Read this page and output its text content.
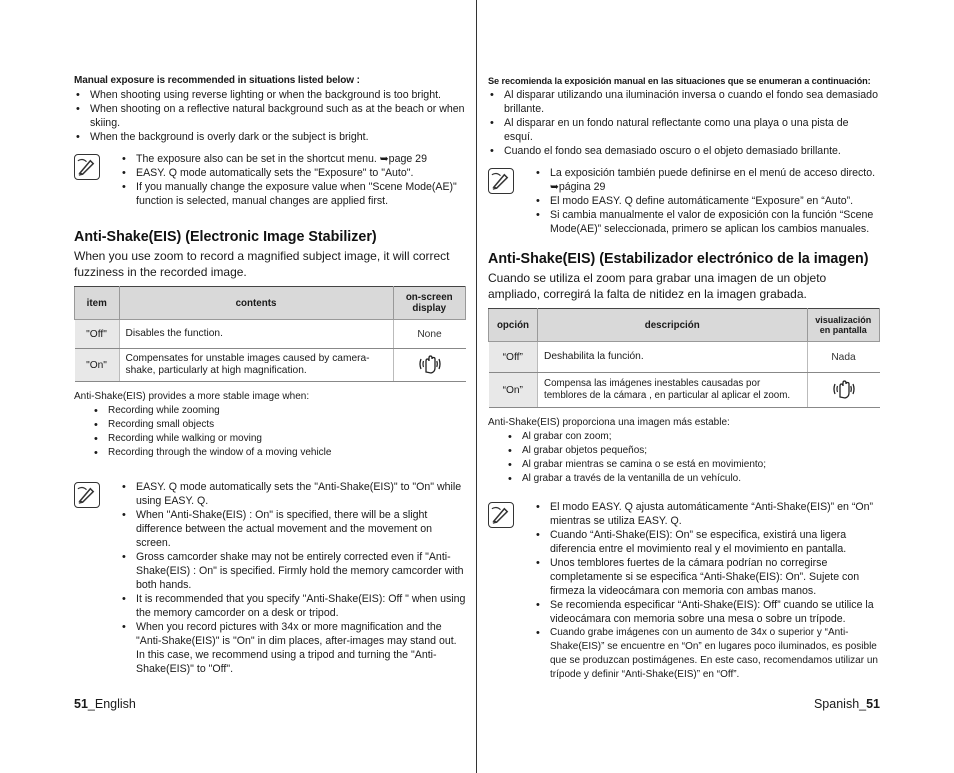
Manual exposure is recommended in situations listed below :

• When shooting using reverse lighting or when the background is too bright.
• When shooting on a reflective natural background such as at the beach or when skiing.
• When the background is overly dark or the subject is bright.
• The exposure also can be set in the shortcut menu. ➥page 29
• EASY. Q mode automatically sets the "Exposure" to "Auto".
• If you manually change the exposure value when "Scene Mode(AE)" function is selected, manual changes are applied first.
Anti-Shake(EIS) (Electronic Image Stabilizer)

When you use zoom to record a magnified subject image, it will correct fuzziness in the recorded image.

item	contents	on-screen display
"Off"	Disables the function.	None
"On"	Compensates for unstable images caused by camera-shake, particularly at high magnification.	

Anti-Shake(EIS) provides a more stable image when:

• Recording while zooming
• Recording small objects
• Recording while walking or moving
• Recording through the window of a moving vehicle
• EASY. Q mode automatically sets the "Anti-Shake(EIS)" to "On" while using EASY. Q.
• When "Anti-Shake(EIS) : On" is specified, there will be a slight difference between the actual movement and the movement on screen.
• Gross camcorder shake may not be entirely corrected even if "Anti-Shake(EIS) : On" is specified. Firmly hold the memory camcorder with both hands.
• It is recommended that you specify "Anti-Shake(EIS): Off " when using the memory camcorder on a desk or tripod.
• When you record pictures with 34x or more magnification and the "Anti-Shake(EIS)" is "On" in dim places, after-images may stand out. In this case, we recommend using a tripod and turning the "Anti-Shake(EIS)" to "Off".

Se recomienda la exposición manual en las situaciones que se enumeran a continuación:

• Al disparar utilizando una iluminación inversa o cuando el fondo sea demasiado brillante.
• Al disparar en un fondo natural reflectante como una playa o una pista de esquí.
• Cuando el fondo sea demasiado oscuro o el objeto demasiado brillante.
• La exposición también puede definirse en el menú de acceso directo. ➥página 29
• El modo EASY. Q define automáticamente “Exposure” en “Auto”.
• Si cambia manualmente el valor de exposición con la función “Scene Mode(AE)” seleccionada, primero se aplican los cambios manuales.
Anti-Shake(EIS) (Estabilizador electrónico de la imagen)

Cuando se utiliza el zoom para grabar una imagen de un objeto ampliado, corregirá la falta de nitidez en la imagen grabada.

opción	descripción	visualización en pantalla
“Off”	Deshabilita la función.	Nada
“On”	Compensa las imágenes inestables causadas por temblores de la cámara , en particular al aplicar el zoom.	

Anti-Shake(EIS) proporciona una imagen más estable:

• Al grabar con zoom;
• Al grabar objetos pequeños;
• Al grabar mientras se camina o se está en movimiento;
• Al grabar a través de la ventanilla de un vehículo.
• El modo EASY. Q ajusta automáticamente “Anti-Shake(EIS)” en “On” mientras se utiliza EASY. Q.
• Cuando “Anti-Shake(EIS): On” se especifica, existirá una ligera diferencia entre el movimiento real y el movimiento en pantalla.
• Unos temblores fuertes de la cámara podrían no corregirse completamente si se especifica “Anti-Shake(EIS): On”. Sujete con firmeza la videocámara con memoria con ambas manos.
• Se recomienda especificar “Anti-Shake(EIS): Off” cuando se utilice la videocámara con memoria sobre una mesa o sobre un trípode.
• Cuando grabe imágenes con un aumento de 34x o superior y “Anti-Shake(EIS)” se encuentre en “On” en lugares poco iluminados, es posible que se produzcan postimágenes. En este caso, recomendamos utilizar un trípode y definir “Anti-Shake(EIS)” en “Off”.
51_English	Spanish_51
